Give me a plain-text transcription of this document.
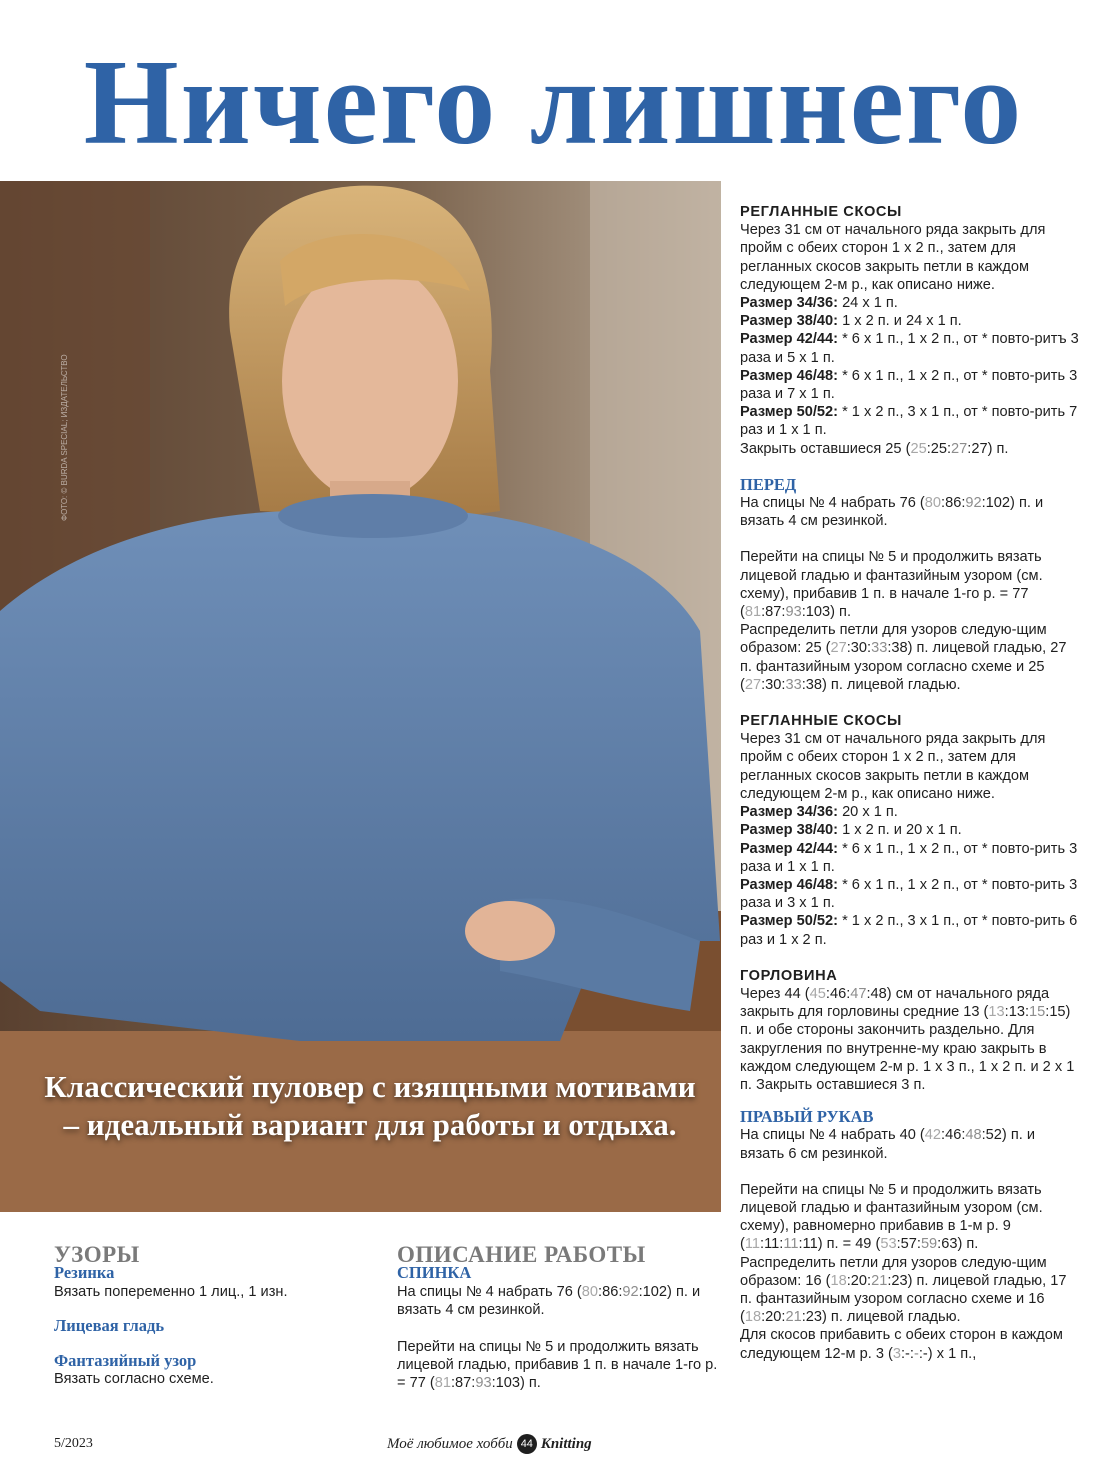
Ничего лишнего
ФОТО: © BURDA SPECIAL; ИЗДАТЕЛЬСТВО
Классический пуловер с изящными мотивами – идеальный вариант для работы и отдыха.

РЕГЛАННЫЕ СКОСЫ

Через 31 см от начального ряда закрыть для пройм с обеих сторон 1 х 2 п., затем для регланных скосов закрыть петли в каждом следующем 2-м р., как описано ниже.

Размер 34/36: 24 х 1 п.

Размер 38/40: 1 х 2 п. и 24 х 1 п.

Размер 42/44: * 6 х 1 п., 1 х 2 п., от * повто-ритъ 3 раза и 5 х 1 п.

Размер 46/48: * 6 х 1 п., 1 х 2 п., от * повто-рить 3 раза и 7 х 1 п.

Размер 50/52: * 1 х 2 п., 3 х 1 п., от * повто-рить 7 раз и 1 х 1 п.

Закрыть оставшиеся 25 (25:25:27:27) п.

ПЕРЕД

На спицы № 4 набрать 76 (80:86:92:102) п. и вязать 4 см резинкой.

Перейти на спицы № 5 и продолжить вязать лицевой гладью и фантазийным узором (см. схему), прибавив 1 п. в начале 1-го р. = 77 (81:87:93:103) п.

Распределить петли для узоров следую-щим образом: 25 (27:30:33:38) п. лицевой гладью, 27 п. фантазийным узором согласно схеме и 25 (27:30:33:38) п. лицевой гладью.

РЕГЛАННЫЕ СКОСЫ

Через 31 см от начального ряда закрыть для пройм с обеих сторон 1 х 2 п., затем для регланных скосов закрыть петли в каждом следующем 2-м р., как описано ниже.

Размер 34/36: 20 х 1 п.

Размер 38/40: 1 х 2 п. и 20 х 1 п.

Размер 42/44: * 6 х 1 п., 1 х 2 п., от * повто-рить 3 раза и 1 х 1 п.

Размер 46/48: * 6 х 1 п., 1 х 2 п., от * повто-рить 3 раза и 3 х 1 п.

Размер 50/52: * 1 х 2 п., 3 х 1 п., от * повто-рить 6 раз и 1 х 2 п.

ГОРЛОВИНА

Через 44 (45:46:47:48) см от начального ряда закрыть для горловины средние 13 (13:13:15:15) п. и обе стороны закончить раздельно. Для закругления по внутренне-му краю закрыть в каждом следующем 2-м р. 1 х 3 п., 1 х 2 п. и 2 х 1 п. Закрыть оставшиеся 3 п.

ПРАВЫЙ РУКАВ

На спицы № 4 набрать 40 (42:46:48:52) п. и вязать 6 см резинкой.

Перейти на спицы № 5 и продолжить вязать лицевой гладью и фантазийным узором (см. схему), равномерно прибавив в 1-м р. 9 (11:11:11:11) п. = 49 (53:57:59:63) п.

Распределить петли для узоров следую-щим образом: 16 (18:20:21:23) п. лицевой гладью, 17 п. фантазийным узором согласно схеме и 16 (18:20:21:23) п. лицевой гладью.

Для скосов прибавить с обеих сторон в каждом следующем 12-м р. 3 (3:-:-:-) х 1 п.,

УЗОРЫ

Резинка

Вязать попеременно 1 лиц., 1 изн.

Лицевая гладь

Фантазийный узор

Вязать согласно схеме.

ОПИСАНИЕ РАБОТЫ

СПИНКА

На спицы № 4 набрать 76 (80:86:92:102) п. и вязать 4 см резинкой.

Перейти на спицы № 5 и продолжить вязать лицевой гладью, прибавив 1 п. в начале 1-го р. = 77 (81:87:93:103) п.

5/2023	Моё любимое хобби 44 Knitting
